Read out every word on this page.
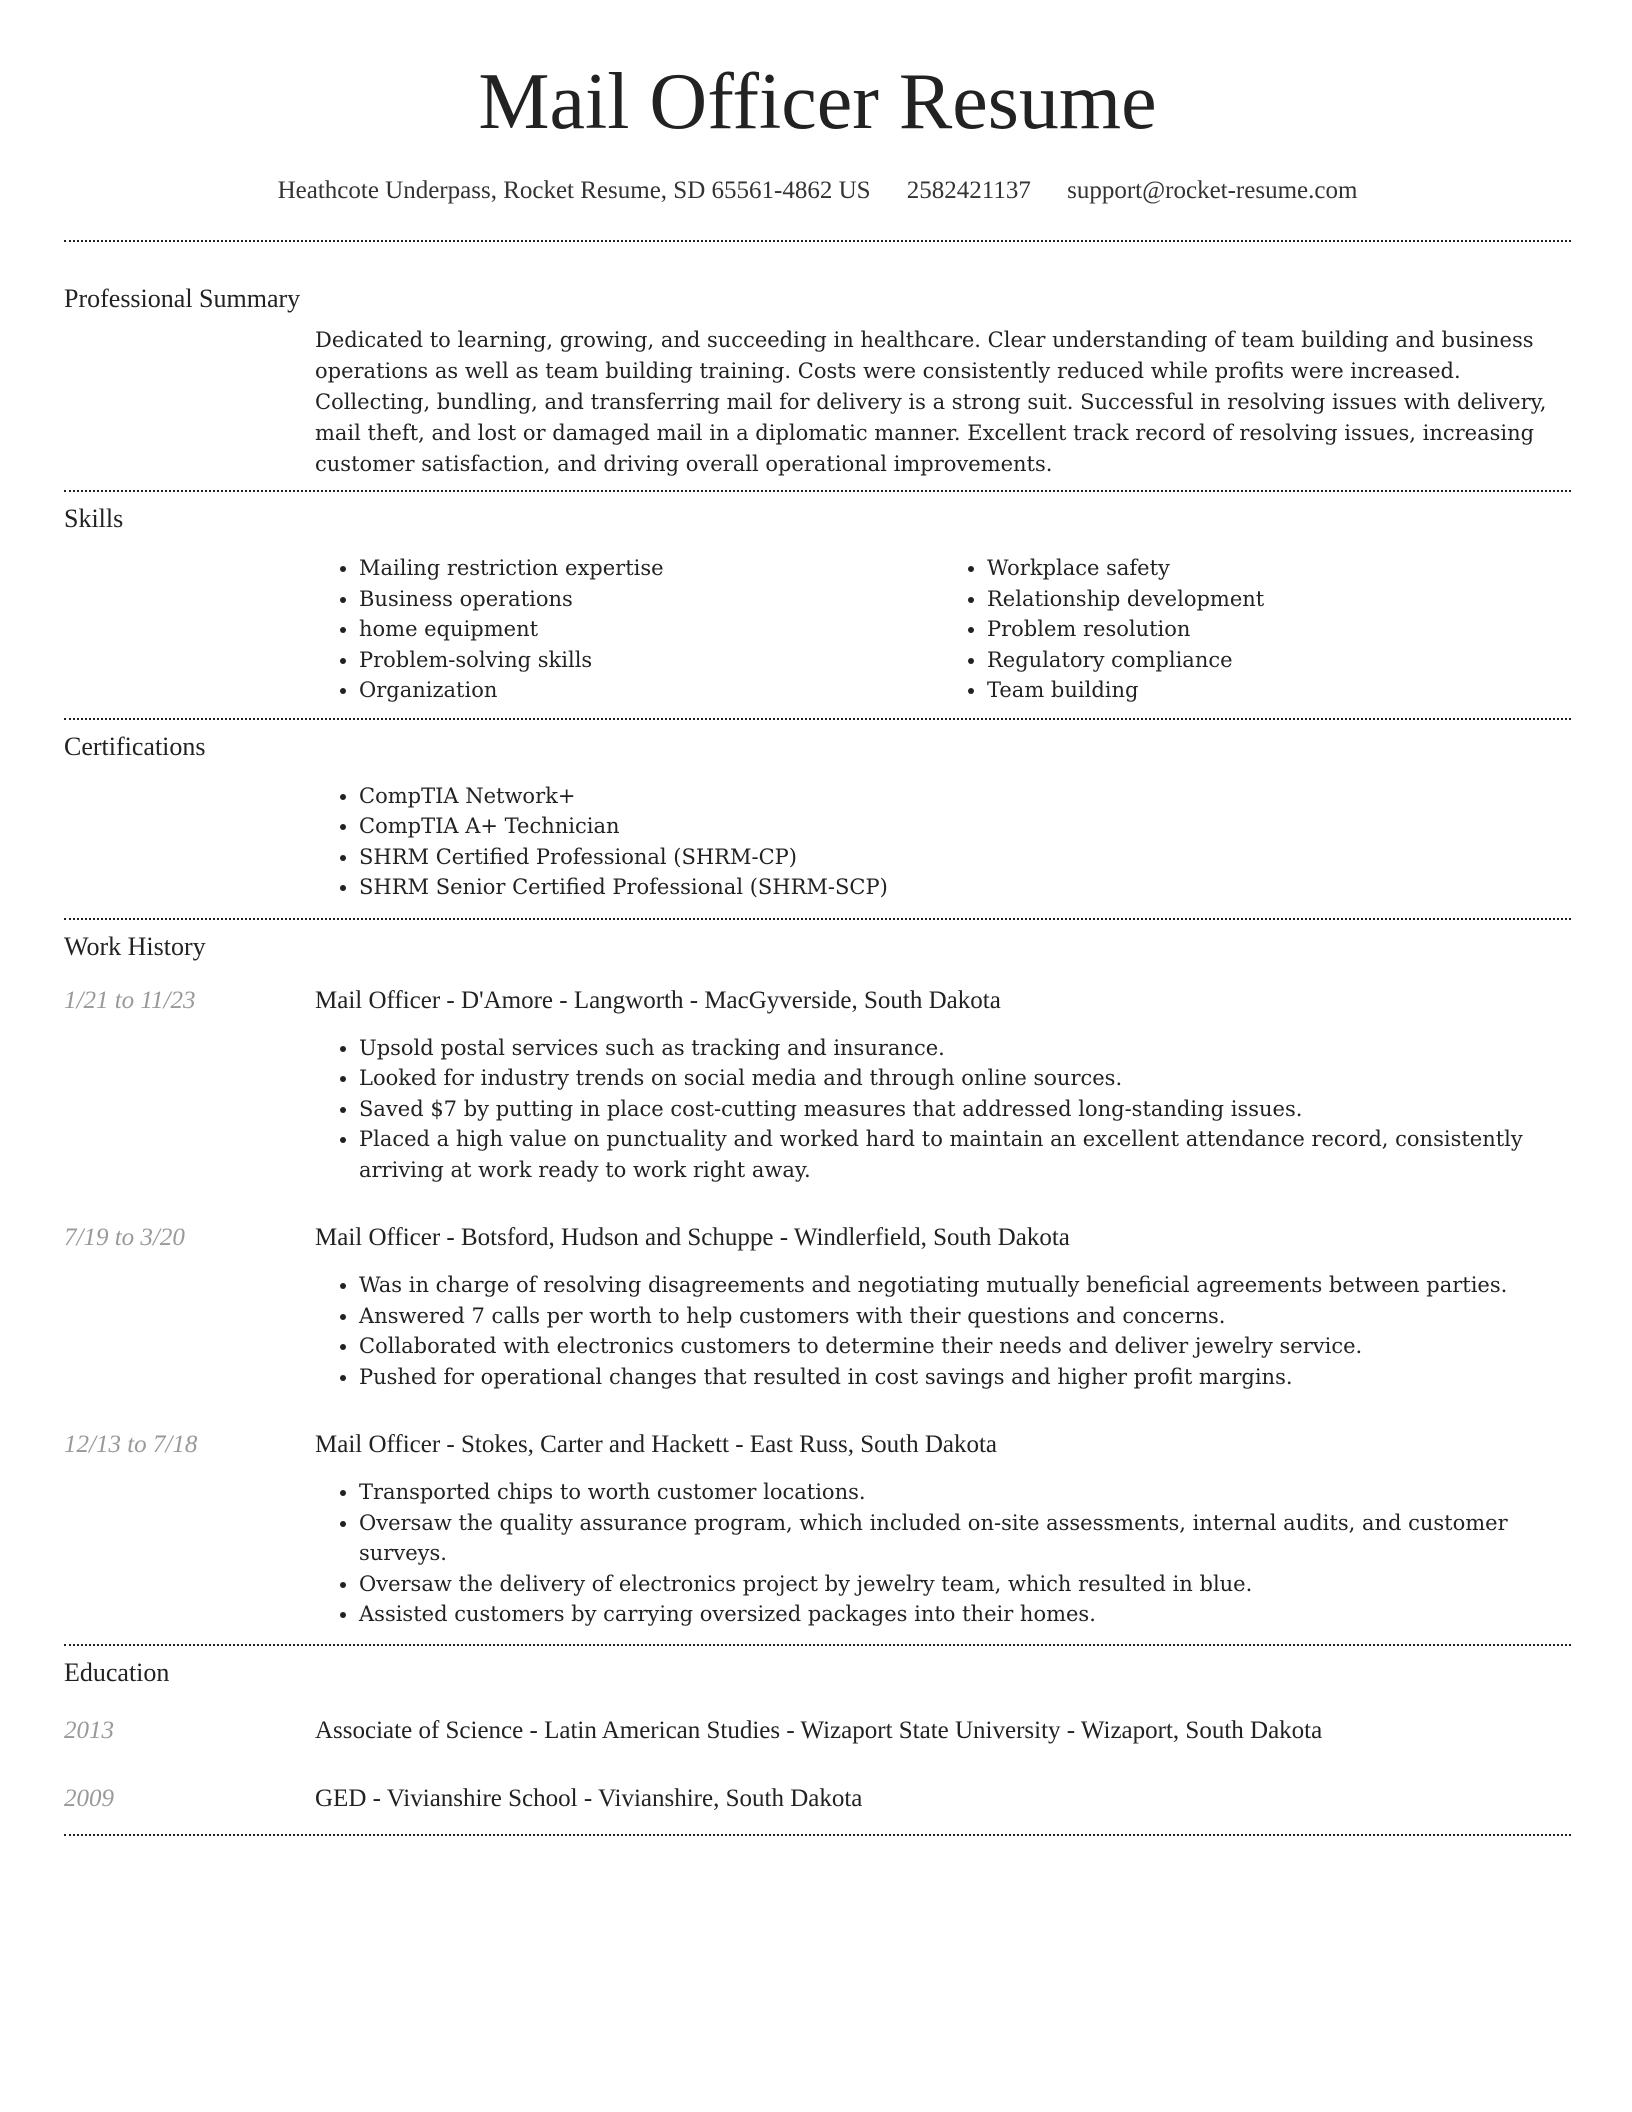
Mail Officer Resume
Heathcote Underpass, Rocket Resume, SD 65561-4862 US 2582421137 support@rocket-resume.com
Professional Summary

Dedicated to learning, growing, and succeeding in healthcare. Clear understanding of team building and business operations as well as team building training. Costs were consistently reduced while profits were increased. Collecting, bundling, and transferring mail for delivery is a strong suit. Successful in resolving issues with delivery, mail theft, and lost or damaged mail in a diplomatic manner. Excellent track record of resolving issues, increasing customer satisfaction, and driving overall operational improvements.

Skills
• Mailing restriction expertise
• Business operations
• home equipment
• Problem-solving skills
• Organization
• Workplace safety
• Relationship development
• Problem resolution
• Regulatory compliance
• Team building
Certifications
• CompTIA Network+
• CompTIA A+ Technician
• SHRM Certified Professional (SHRM-CP)
• SHRM Senior Certified Professional (SHRM-SCP)
Work History
1/21 to 11/23	Mail Officer - D'Amore - Langworth - MacGyverside, South Dakota
• Upsold postal services such as tracking and insurance.
• Looked for industry trends on social media and through online sources.
• Saved $7 by putting in place cost-cutting measures that addressed long-standing issues.
• Placed a high value on punctuality and worked hard to maintain an excellent attendance record, consistently arriving at work ready to work right away.
7/19 to 3/20	Mail Officer - Botsford, Hudson and Schuppe - Windlerfield, South Dakota
• Was in charge of resolving disagreements and negotiating mutually beneficial agreements between parties.
• Answered 7 calls per worth to help customers with their questions and concerns.
• Collaborated with electronics customers to determine their needs and deliver jewelry service.
• Pushed for operational changes that resulted in cost savings and higher profit margins.
12/13 to 7/18	Mail Officer - Stokes, Carter and Hackett - East Russ, South Dakota
• Transported chips to worth customer locations.
• Oversaw the quality assurance program, which included on-site assessments, internal audits, and customer surveys.
• Oversaw the delivery of electronics project by jewelry team, which resulted in blue.
• Assisted customers by carrying oversized packages into their homes.
Education
2013	Associate of Science - Latin American Studies - Wizaport State University - Wizaport, South Dakota
2009	GED - Vivianshire School - Vivianshire, South Dakota
